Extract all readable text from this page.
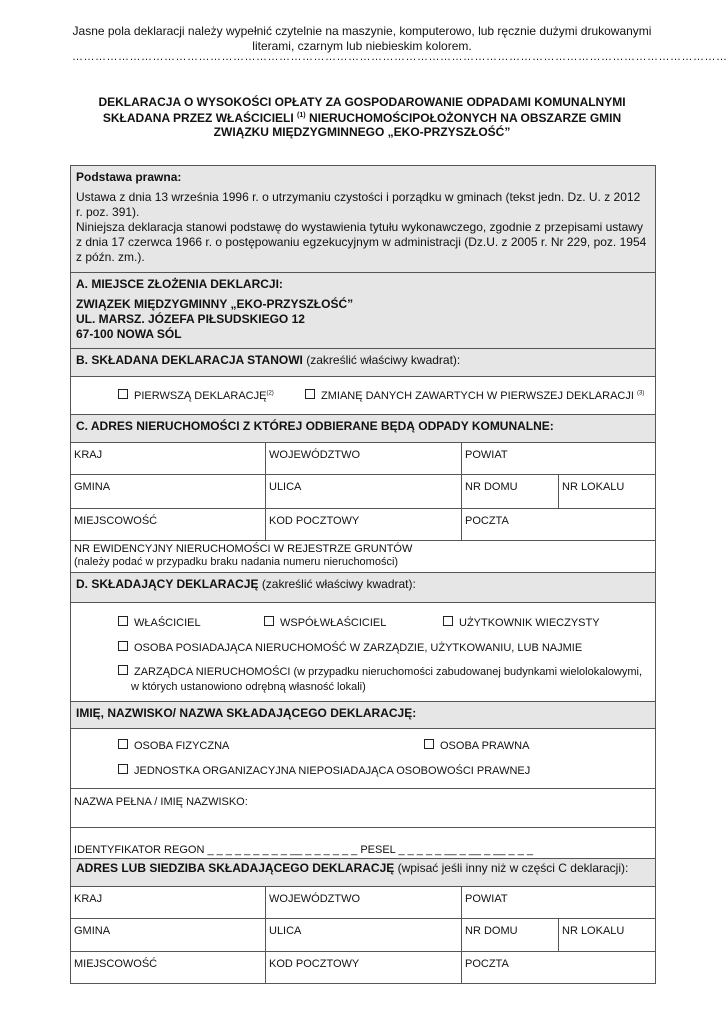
Jasne pola deklaracji należy wypełnić czytelnie na maszynie, komputerowo, lub ręcznie dużymi drukowanymi literami, czarnym lub niebieskim kolorem.
………………………………………………………………………………………………………………………………………………………
DEKLARACJA O WYSOKOŚCI OPŁATY ZA GOSPODAROWANIE ODPADAMI KOMUNALNYMI
SKŁADANA PRZEZ WŁAŚCICIELI $^{(1)}$ NIERUCHOMOŚCIPOŁOŻONYCH NA OBSZARZE GMIN
ZWIĄZKU MIĘDZYGMINNEGO „EKO-PRZYSZŁOŚĆ”

Podstawa prawna:

Ustawa z dnia 13 września 1996 r. o utrzymaniu czystości i porządku w gminach (tekst jedn. Dz. U. z 2012 r. poz. 391).

Niniejsza deklaracja stanowi podstawę do wystawienia tytułu wykonawczego, zgodnie z przepisami ustawy z dnia 17 czerwca 1966 r. o postępowaniu egzekucyjnym w administracji (Dz.U. z 2005 r. Nr 229, poz. 1954 z późn. zm.).

A. MIEJSCE ZŁOŻENIA DEKLARCJI:

ZWIĄZEK MIĘDZYGMINNY „EKO-PRZYSZŁOŚĆ”

UL. MARSZ. JÓZEFA PIŁSUDSKIEGO 12

67-100 NOWA SÓL

B. SKŁADANA DEKLARACJA STANOWI (zakreślić właściwy kwadrat):
PIERWSZĄ DEKLARACJĘ$^{(2)}$	ZMIANĘ DANYCH ZAWARTYCH W PIERWSZEJ DEKLARACJI $^{(3)}$
C. ADRES NIERUCHOMOŚCI Z KTÓREJ ODBIERANE BĘDĄ ODPADY KOMUNALNE:
KRAJ	WOJEWÓDZTWO	POWIAT
GMINA	ULICA	NR DOMU	NR LOKALU
MIEJSCOWOŚĆ	KOD POCZTOWY	POCZTA

NR EWIDENCYJNY NIERUCHOMOŚCI W REJESTRZE GRUNTÓW

(należy podać w przypadku braku nadania numeru nieruchomości)

D. SKŁADAJĄCY DEKLARACJĘ (zakreślić właściwy kwadrat):
WŁAŚCICIEL	WSPÓŁWŁAŚCICIEL	UŻYTKOWNIK WIECZYSTY
OSOBA POSIADAJĄCA NIERUCHOMOŚĆ W ZARZĄDZIE, UŻYTKOWANIU, LUB NAJMIE
ZARZĄDCA NIERUCHOMOŚCI (w przypadku nieruchomości zabudowanej budynkami wielolokalowymi,
w których ustanowiono odrębną własność lokali)
IMIĘ, NAZWISKO/ NAZWA SKŁADAJĄCEGO DEKLARACJĘ:
OSOBA FIZYCZNA	OSOBA PRAWNA
JEDNOSTKA ORGANIZACYJNA NIEPOSIADAJĄCA OSOBOWOŚCI PRAWNEJ
NAZWA PEŁNA / IMIĘ NAZWISKO:
IDENTYFIKATOR REGON _ _ _ _ _ _ _ _ _ __ _ _ _ _ _ _ PESEL _ _ _ _ _ __ _ __ _ __ _ _ _
ADRES LUB SIEDZIBA SKŁADAJĄCEGO DEKLARACJĘ (wpisać jeśli inny niż w części C deklaracji):
KRAJ	WOJEWÓDZTWO	POWIAT
GMINA	ULICA	NR DOMU	NR LOKALU
MIEJSCOWOŚĆ	KOD POCZTOWY	POCZTA
